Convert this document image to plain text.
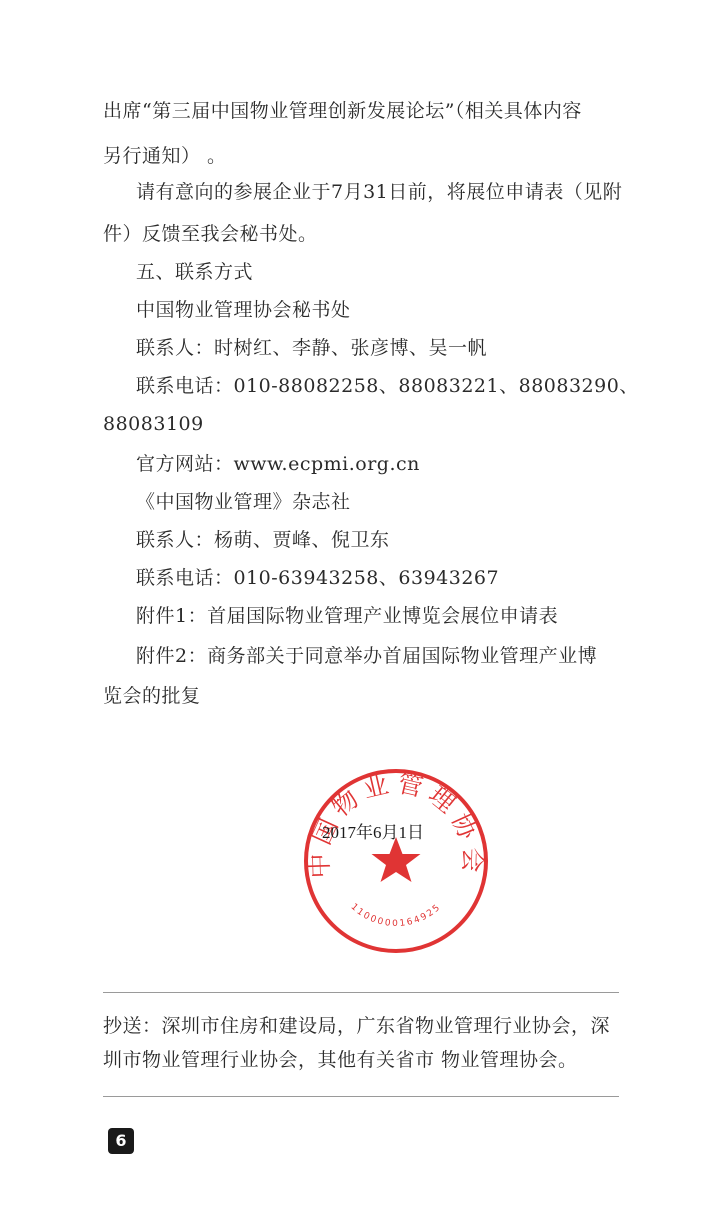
出席“第三届中国物业管理创新发展论坛”（相关具体内容
另行通知） 。
请有意向的参展企业于7月31日前，将展位申请表（见附
件）反馈至我会秘书处。
五、联系方式
中国物业管理协会秘书处
联系人：时树红、李静、张彦博、吴一帆
联系电话：010-88082258、88083221、88083290、
88083109
官方网站：www.ecpmi.org.cn
《中国物业管理》杂志社
联系人：杨萌、贾峰、倪卫东
联系电话：010-63943258、63943267
附件1：首届国际物业管理产业博览会展位申请表
附件2：商务部关于同意举办首届国际物业管理产业博
览会的批复
中国物业管理协会
1100000164925
2017年6月1日
抄送：深圳市住房和建设局，广东省物业管理行业协会，深
圳市物业管理行业协会，其他有关省市 物业管理协会。
6
